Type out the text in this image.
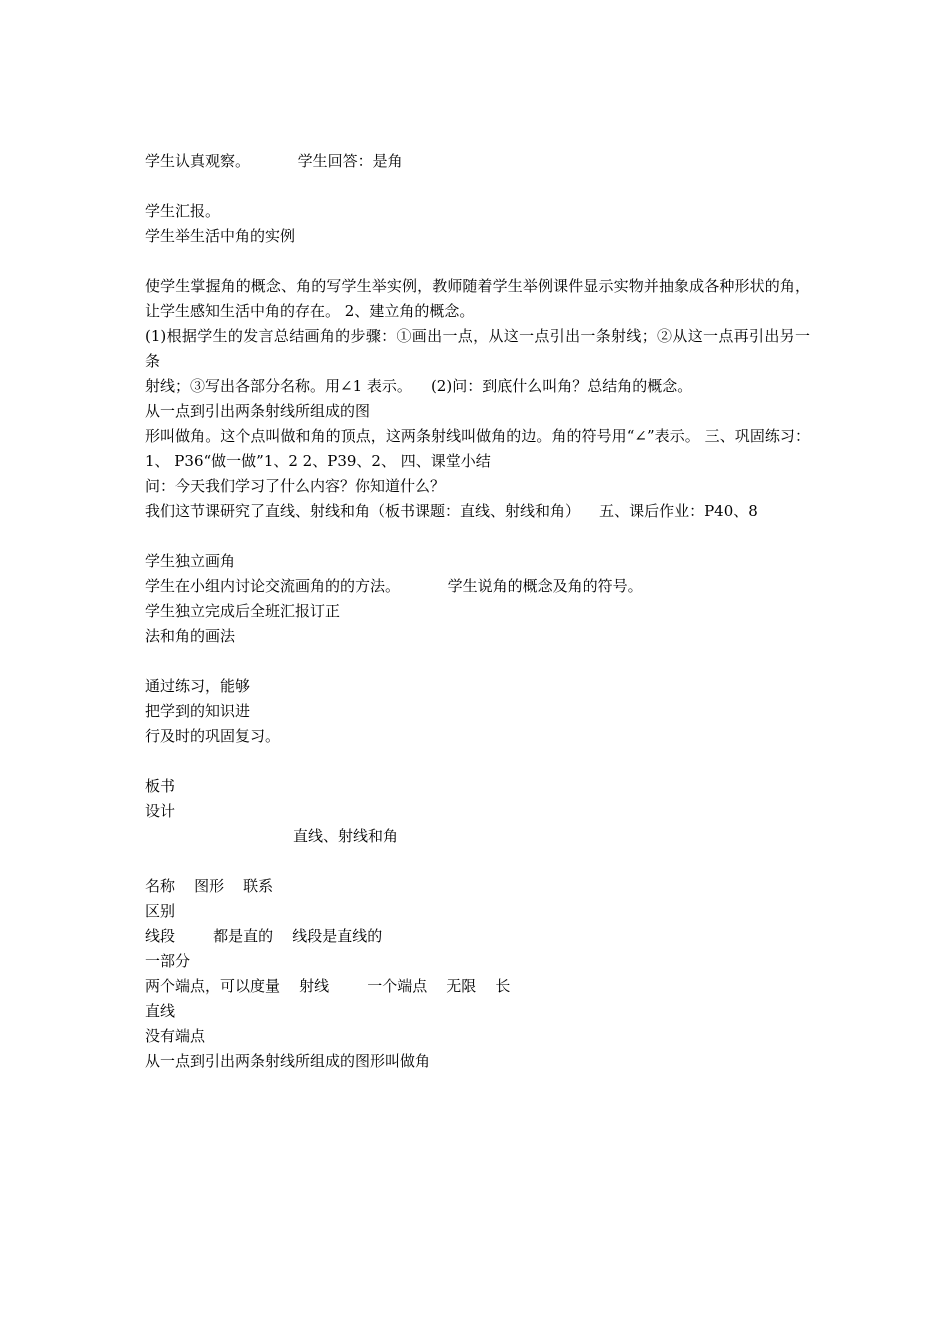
学生认真观察。          学生回答：是角
学生汇报。
学生举生活中角的实例
使学生掌握角的概念、角的写学生举实例，教师随着学生举例课件显示实物并抽象成各种形状的角，让学生感知生活中角的存在。 2、建立角的概念。
(1)根据学生的发言总结画角的步骤：①画出一点，从这一点引出一条射线；②从这一点再引出另一条
射线；③写出各部分名称。用∠1 表示。    (2)问：到底什么叫角？总结角的概念。
从一点到引出两条射线所组成的图
形叫做角。这个点叫做和角的顶点，这两条射线叫做角的边。角的符号用“∠”表示。 三、巩固练习： 1、 P36“做一做”1、2 2、P39、2、 四、课堂小结
问：今天我们学习了什么内容？你知道什么？
我们这节课研究了直线、射线和角（板书课题：直线、射线和角）    五、课后作业：P40、8
学生独立画角
学生在小组内讨论交流画角的的方法。          学生说角的概念及角的符号。
学生独立完成后全班汇报订正
法和角的画法
通过练习，能够
把学到的知识进
行及时的巩固复习。
板书
设计
直线、射线和角
名称    图形    联系
区别
线段        都是直的    线段是直线的
一部分
两个端点，可以度量    射线        一个端点    无限    长
直线
没有端点
从一点到引出两条射线所组成的图形叫做角
